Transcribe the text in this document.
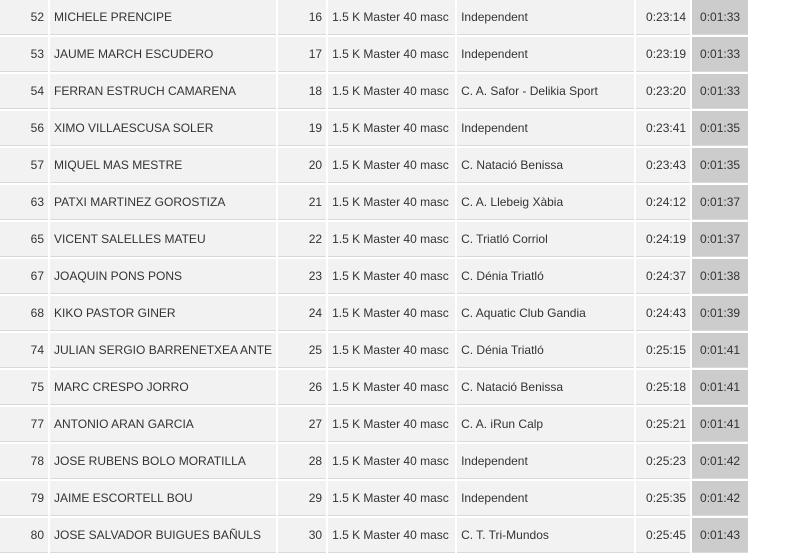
52	MICHELE PRENCIPE	16	1.5 K Master 40 masc	Independent	0:23:14	0:01:33
53	JAUME MARCH ESCUDERO	17	1.5 K Master 40 masc	Independent	0:23:19	0:01:33
54	FERRAN ESTRUCH CAMARENA	18	1.5 K Master 40 masc	C. A. Safor - Delikia Sport	0:23:20	0:01:33
56	XIMO VILLAESCUSA SOLER	19	1.5 K Master 40 masc	Independent	0:23:41	0:01:35
57	MIQUEL MAS MESTRE	20	1.5 K Master 40 masc	C. Natació Benissa	0:23:43	0:01:35
63	PATXI MARTINEZ GOROSTIZA	21	1.5 K Master 40 masc	C. A. Llebeig Xàbia	0:24:12	0:01:37
65	VICENT SALELLES MATEU	22	1.5 K Master 40 masc	C. Triatló Corriol	0:24:19	0:01:37
67	JOAQUIN PONS PONS	23	1.5 K Master 40 masc	C. Dénia Triatló	0:24:37	0:01:38
68	KIKO PASTOR GINER	24	1.5 K Master 40 masc	C. Aquatic Club Gandia	0:24:43	0:01:39
74	JULIAN SERGIO BARRENETXEA ANTE	25	1.5 K Master 40 masc	C. Dénia Triatló	0:25:15	0:01:41
75	MARC CRESPO JORRO	26	1.5 K Master 40 masc	C. Natació Benissa	0:25:18	0:01:41
77	ANTONIO ARAN GARCIA	27	1.5 K Master 40 masc	C. A. iRun Calp	0:25:21	0:01:41
78	JOSE RUBENS BOLO MORATILLA	28	1.5 K Master 40 masc	Independent	0:25:23	0:01:42
79	JAIME ESCORTELL BOU	29	1.5 K Master 40 masc	Independent	0:25:35	0:01:42
80	JOSE SALVADOR BUIGUES BAÑULS	30	1.5 K Master 40 masc	C. T. Tri-Mundos	0:25:45	0:01:43
